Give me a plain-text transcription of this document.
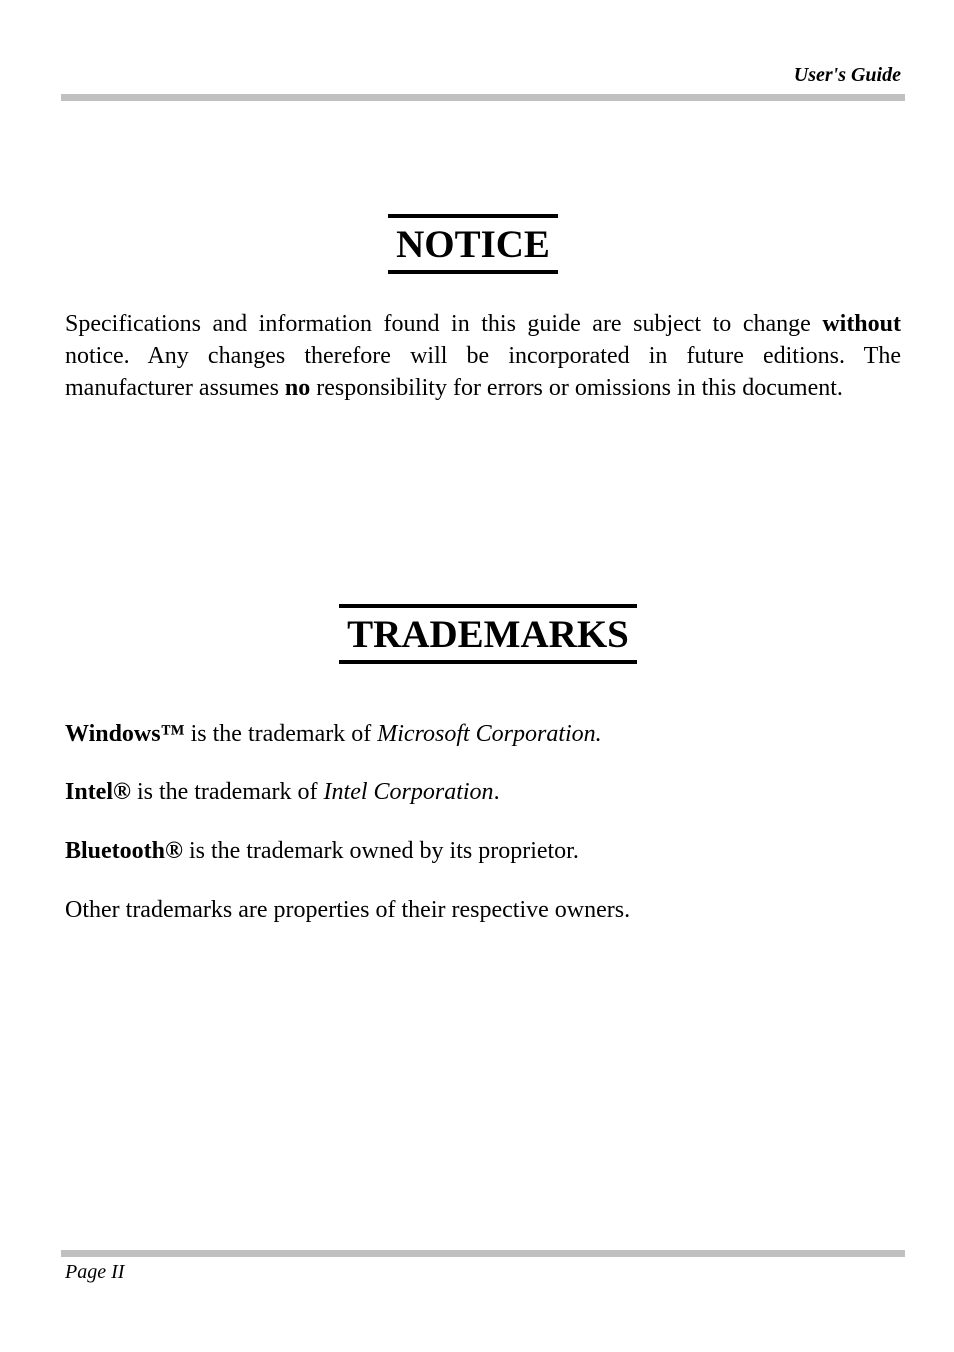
User's Guide
NOTICE

Specifications and information found in this guide are subject to change without notice. Any changes therefore will be incorporated in future editions. The manufacturer assumes no responsibility for errors or omissions in this document.

TRADEMARKS

Windows™ is the trademark of Microsoft Corporation.

Intel® is the trademark of Intel Corporation.

Bluetooth® is the trademark owned by its proprietor.

Other trademarks are properties of their respective owners.

Page II
